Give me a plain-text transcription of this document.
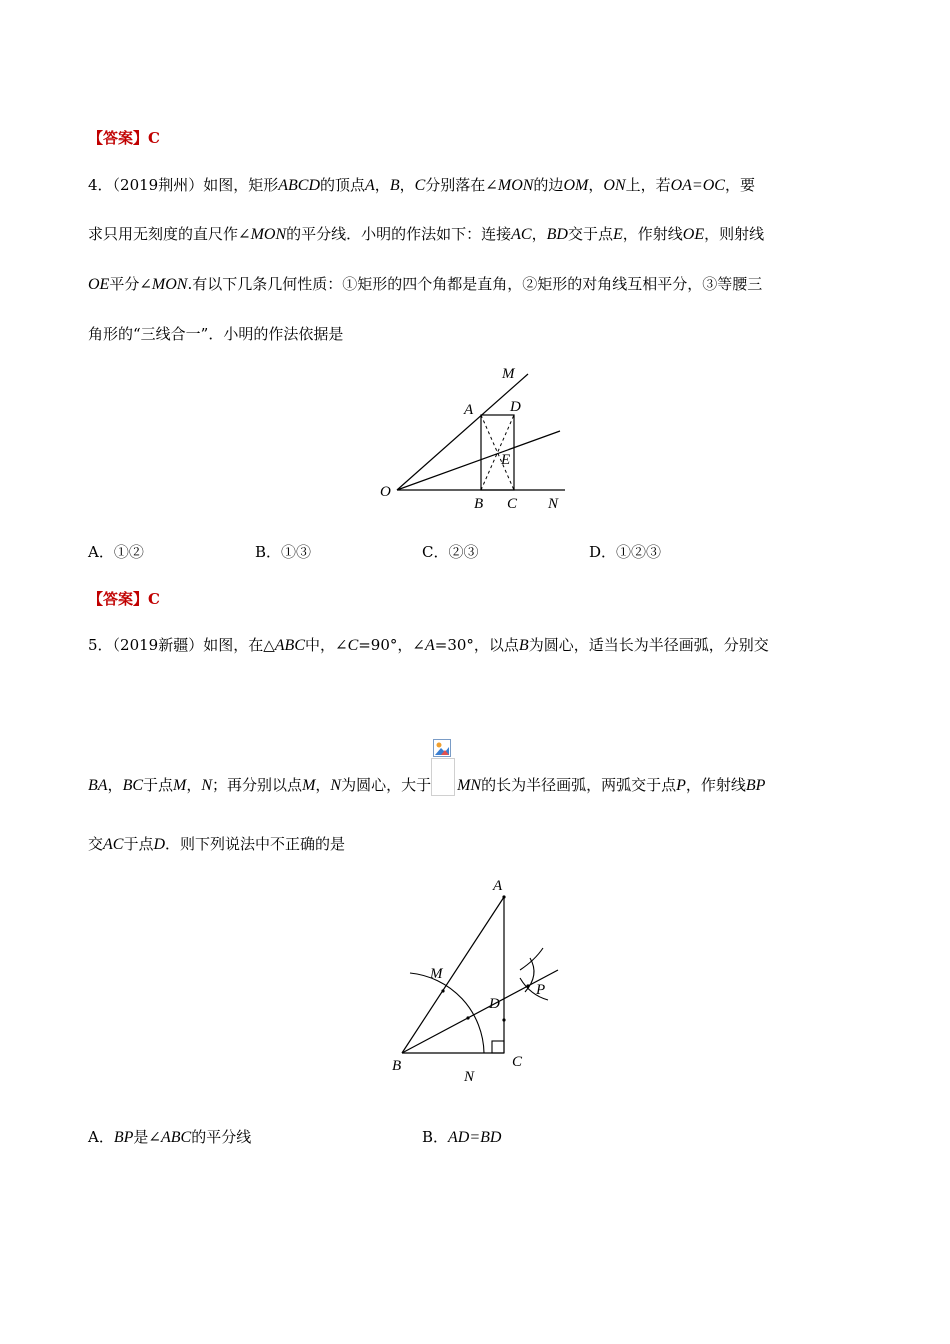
【答案】C
4．（2019荆州）如图，矩形ABCD的顶点A，B，C分别落在∠MON的边OM，ON上，若OA=OC，要
求只用无刻度的直尺作∠MON的平分线．小明的作法如下：连接AC，BD交于点E，作射线OE，则射线
OE平分∠MON.有以下几条几何性质：①矩形的四个角都是直角，②矩形的对角线互相平分，③等腰三
角形的“三线合一”．小明的作法依据是
M
A D
E
O
B C N
A．①②	B．①③	C．②③	D．①②③
【答案】C
5．（2019新疆）如图，在△ABC中，∠C=90°，∠A=30°，以点B为圆心，适当长为半径画弧，分别交
BA，BC于点M，N；再分别以点M，N为圆心，大于 MN的长为半径画弧，两弧交于点P，作射线BP
交AC于点D．则下列说法中不正确的是
A
M
D
P
B
N
C
A．BP是∠ABC的平分线	B．AD=BD
